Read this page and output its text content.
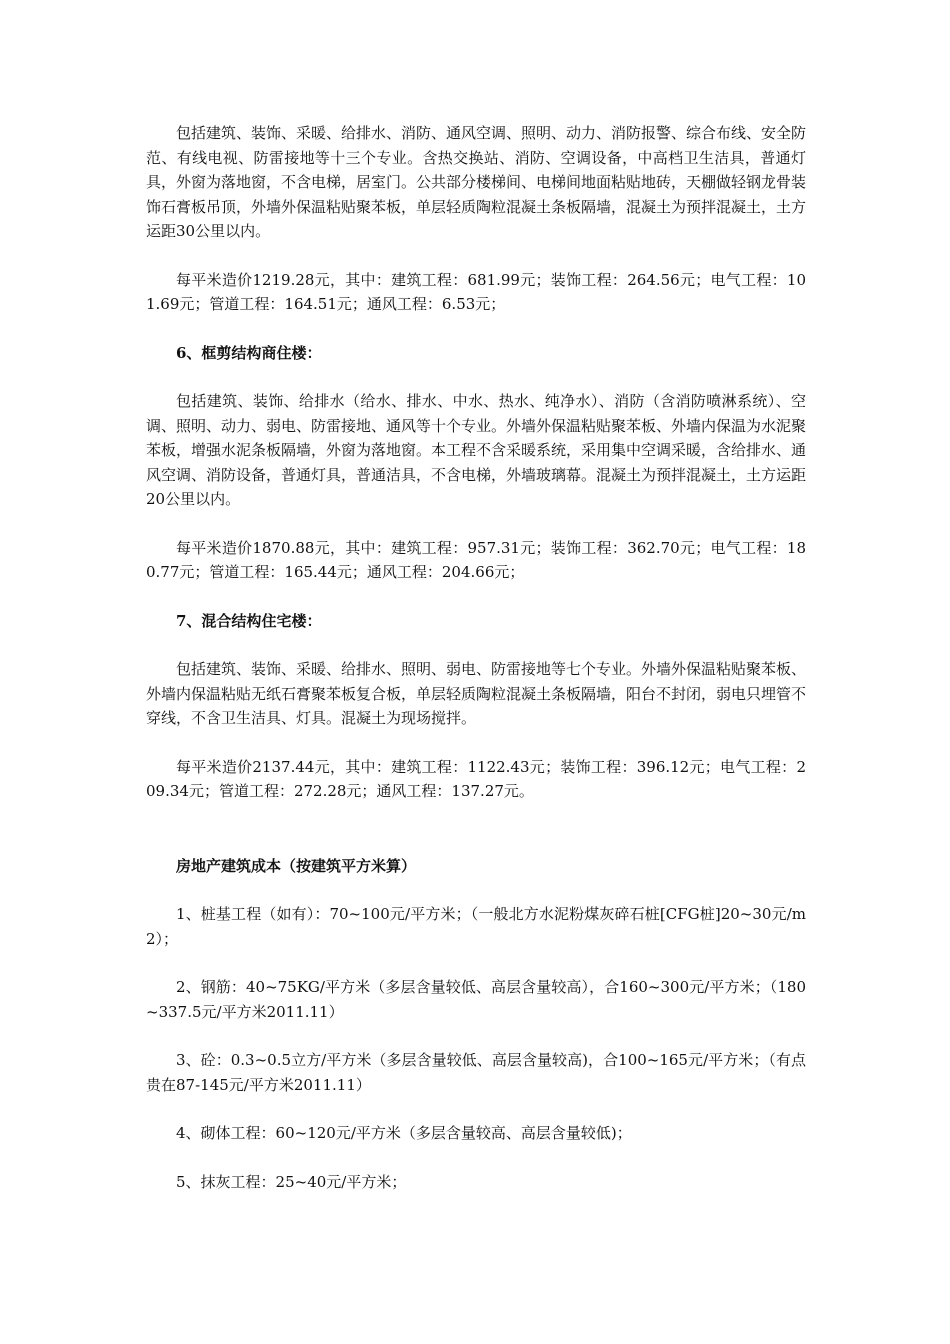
包括建筑、装饰、采暖、给排水、消防、通风空调、照明、动力、消防报警、综合布线、安全防范、有线电视、防雷接地等十三个专业。含热交换站、消防、空调设备，中高档卫生洁具，普通灯具，外窗为落地窗，不含电梯，居室门。公共部分楼梯间、电梯间地面粘贴地砖，天棚做轻钢龙骨装饰石膏板吊顶，外墙外保温粘贴聚苯板，单层轻质陶粒混凝土条板隔墙，混凝土为预拌混凝土，土方运距30公里以内。

每平米造价1219.28元，其中：建筑工程：681.99元；装饰工程：264.56元；电气工程：101.69元；管道工程：164.51元；通风工程：6.53元；

6、框剪结构商住楼：

包括建筑、装饰、给排水（给水、排水、中水、热水、纯净水）、消防（含消防喷淋系统）、空调、照明、动力、弱电、防雷接地、通风等十个专业。外墙外保温粘贴聚苯板、外墙内保温为水泥聚苯板，增强水泥条板隔墙，外窗为落地窗。本工程不含采暖系统，采用集中空调采暖，含给排水、通风空调、消防设备，普通灯具，普通洁具，不含电梯，外墙玻璃幕。混凝土为预拌混凝土，土方运距20公里以内。

每平米造价1870.88元，其中：建筑工程：957.31元；装饰工程：362.70元；电气工程：180.77元；管道工程：165.44元；通风工程：204.66元；

7、混合结构住宅楼：

包括建筑、装饰、采暖、给排水、照明、弱电、防雷接地等七个专业。外墙外保温粘贴聚苯板、外墙内保温粘贴无纸石膏聚苯板复合板，单层轻质陶粒混凝土条板隔墙，阳台不封闭，弱电只埋管不穿线，不含卫生洁具、灯具。混凝土为现场搅拌。

每平米造价2137.44元，其中：建筑工程：1122.43元；装饰工程：396.12元；电气工程：209.34元；管道工程：272.28元；通风工程：137.27元。

房地产建筑成本（按建筑平方米算）

1、桩基工程（如有）：70~100元/平方米；（一般北方水泥粉煤灰碎石桩[CFG桩]20~30元/m2）；

2、钢筋：40~75KG/平方米（多层含量较低、高层含量较高），合160~300元/平方米；（180~337.5元/平方米2011.11）

3、砼：0.3~0.5立方/平方米（多层含量较低、高层含量较高)，合100~165元/平方米；（有点贵在87-145元/平方米2011.11）

4、砌体工程：60~120元/平方米（多层含量较高、高层含量较低)；

5、抹灰工程：25~40元/平方米；
